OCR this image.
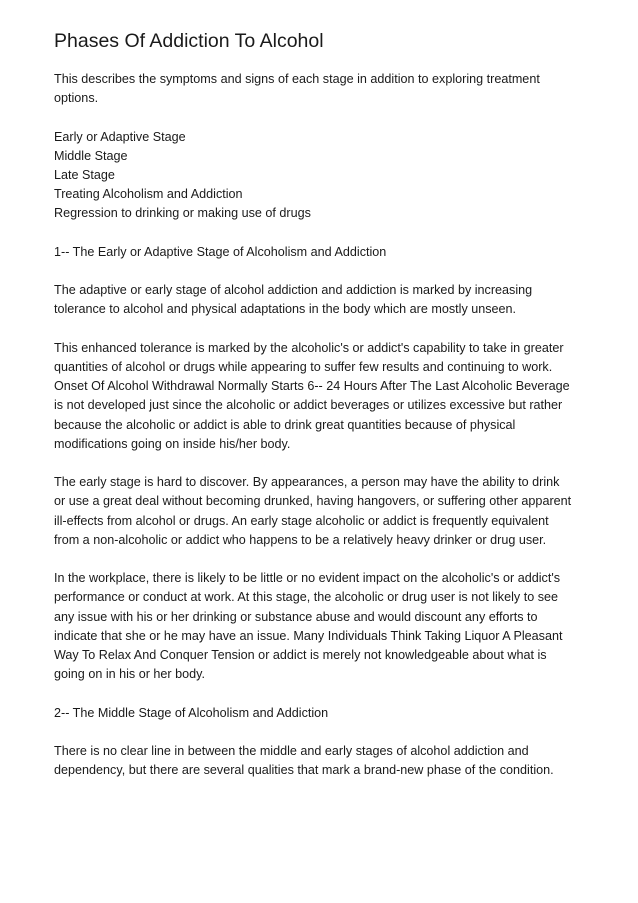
Phases Of Addiction To Alcohol

This describes the symptoms and signs of each stage in addition to exploring treatment
options.

Early or Adaptive Stage
Middle Stage
Late Stage
Treating Alcoholism and Addiction
Regression to drinking or making use of drugs

1-- The Early or Adaptive Stage of Alcoholism and Addiction

The adaptive or early stage of alcohol addiction and addiction is marked by increasing
tolerance to alcohol and physical adaptations in the body which are mostly unseen.

This enhanced tolerance is marked by the alcoholic's or addict's capability to take in greater
quantities of alcohol or drugs while appearing to suffer few results and continuing to work.
Onset Of Alcohol Withdrawal Normally Starts 6-- 24 Hours After The Last Alcoholic Beverage
is not developed just since the alcoholic or addict beverages or utilizes excessive but rather
because the alcoholic or addict is able to drink great quantities because of physical
modifications going on inside his/her body.

The early stage is hard to discover. By appearances, a person may have the ability to drink
or use a great deal without becoming drunked, having hangovers, or suffering other apparent
ill-effects from alcohol or drugs. An early stage alcoholic or addict is frequently equivalent
from a non-alcoholic or addict who happens to be a relatively heavy drinker or drug user.

In the workplace, there is likely to be little or no evident impact on the alcoholic's or addict's
performance or conduct at work. At this stage, the alcoholic or drug user is not likely to see
any issue with his or her drinking or substance abuse and would discount any efforts to
indicate that she or he may have an issue. Many Individuals Think Taking Liquor A Pleasant
Way To Relax And Conquer Tension or addict is merely not knowledgeable about what is
going on in his or her body.

2-- The Middle Stage of Alcoholism and Addiction

There is no clear line in between the middle and early stages of alcohol addiction and
dependency, but there are several qualities that mark a brand-new phase of the condition.
